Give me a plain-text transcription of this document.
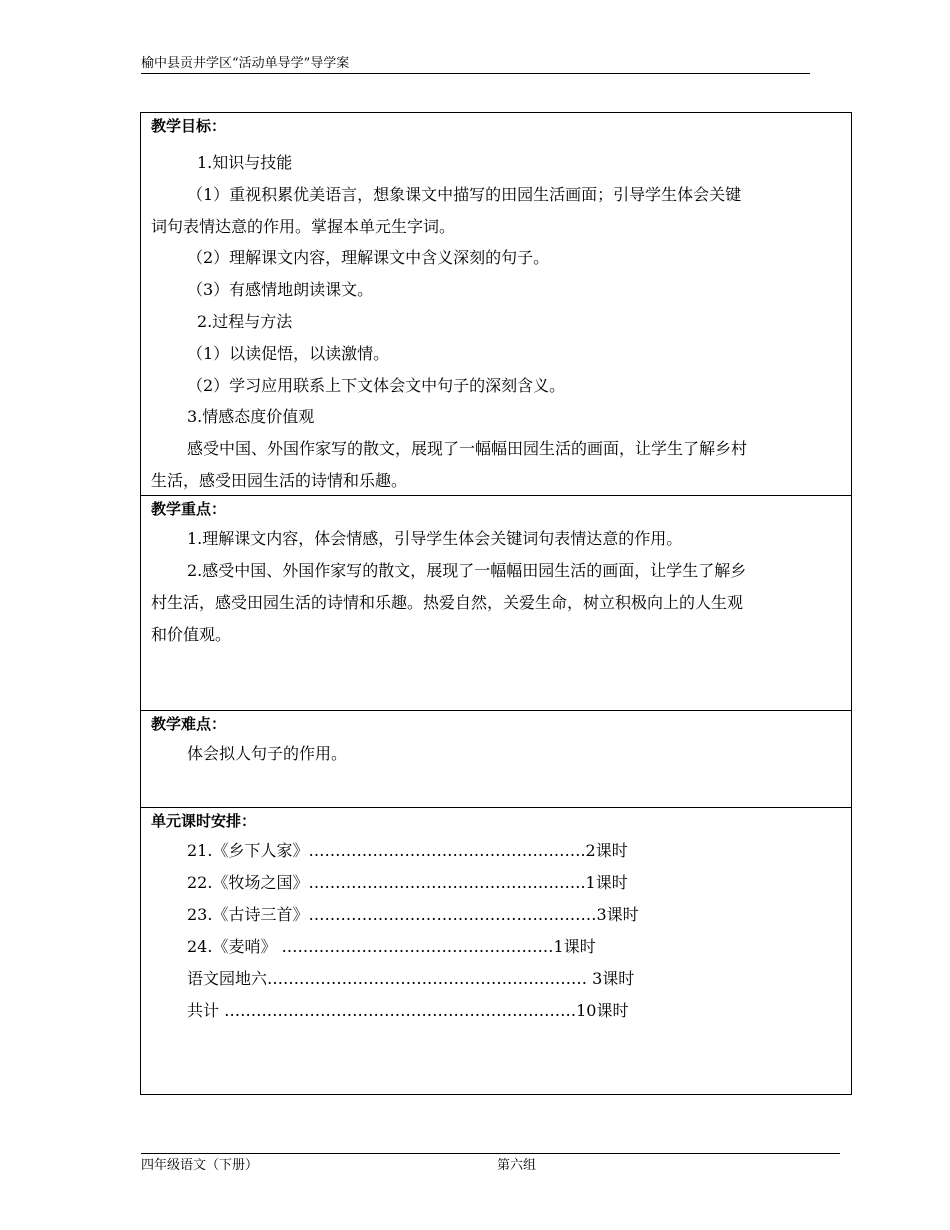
榆中县贡井学区“活动单导学”导学案
教学目标：
1.知识与技能
（1）重视积累优美语言，想象课文中描写的田园生活画面；引导学生体会关键
词句表情达意的作用。掌握本单元生字词。
（2）理解课文内容，理解课文中含义深刻的句子。
（3）有感情地朗读课文。
2.过程与方法
（1）以读促悟，以读激情。
（2）学习应用联系上下文体会文中句子的深刻含义。
3.情感态度价值观
感受中国、外国作家写的散文，展现了一幅幅田园生活的画面，让学生了解乡村
生活，感受田园生活的诗情和乐趣。
教学重点：
1.理解课文内容，体会情感，引导学生体会关键词句表情达意的作用。
2.感受中国、外国作家写的散文，展现了一幅幅田园生活的画面，让学生了解乡
村生活，感受田园生活的诗情和乐趣。热爱自然，关爱生命，树立积极向上的人生观
和价值观。
教学难点：
体会拟人句子的作用。
单元课时安排：
21.《乡下人家》…………………………………………….2课时
22.《牧场之国》…………………………………………….1课时
23.《古诗三首》………………………………………………3课时
24.《麦哨》 ……………………………………………1课时
语文园地六…………………………………………………… 3课时
共计 …………………………………………………………10课时
四年级语文（下册）	第六组
